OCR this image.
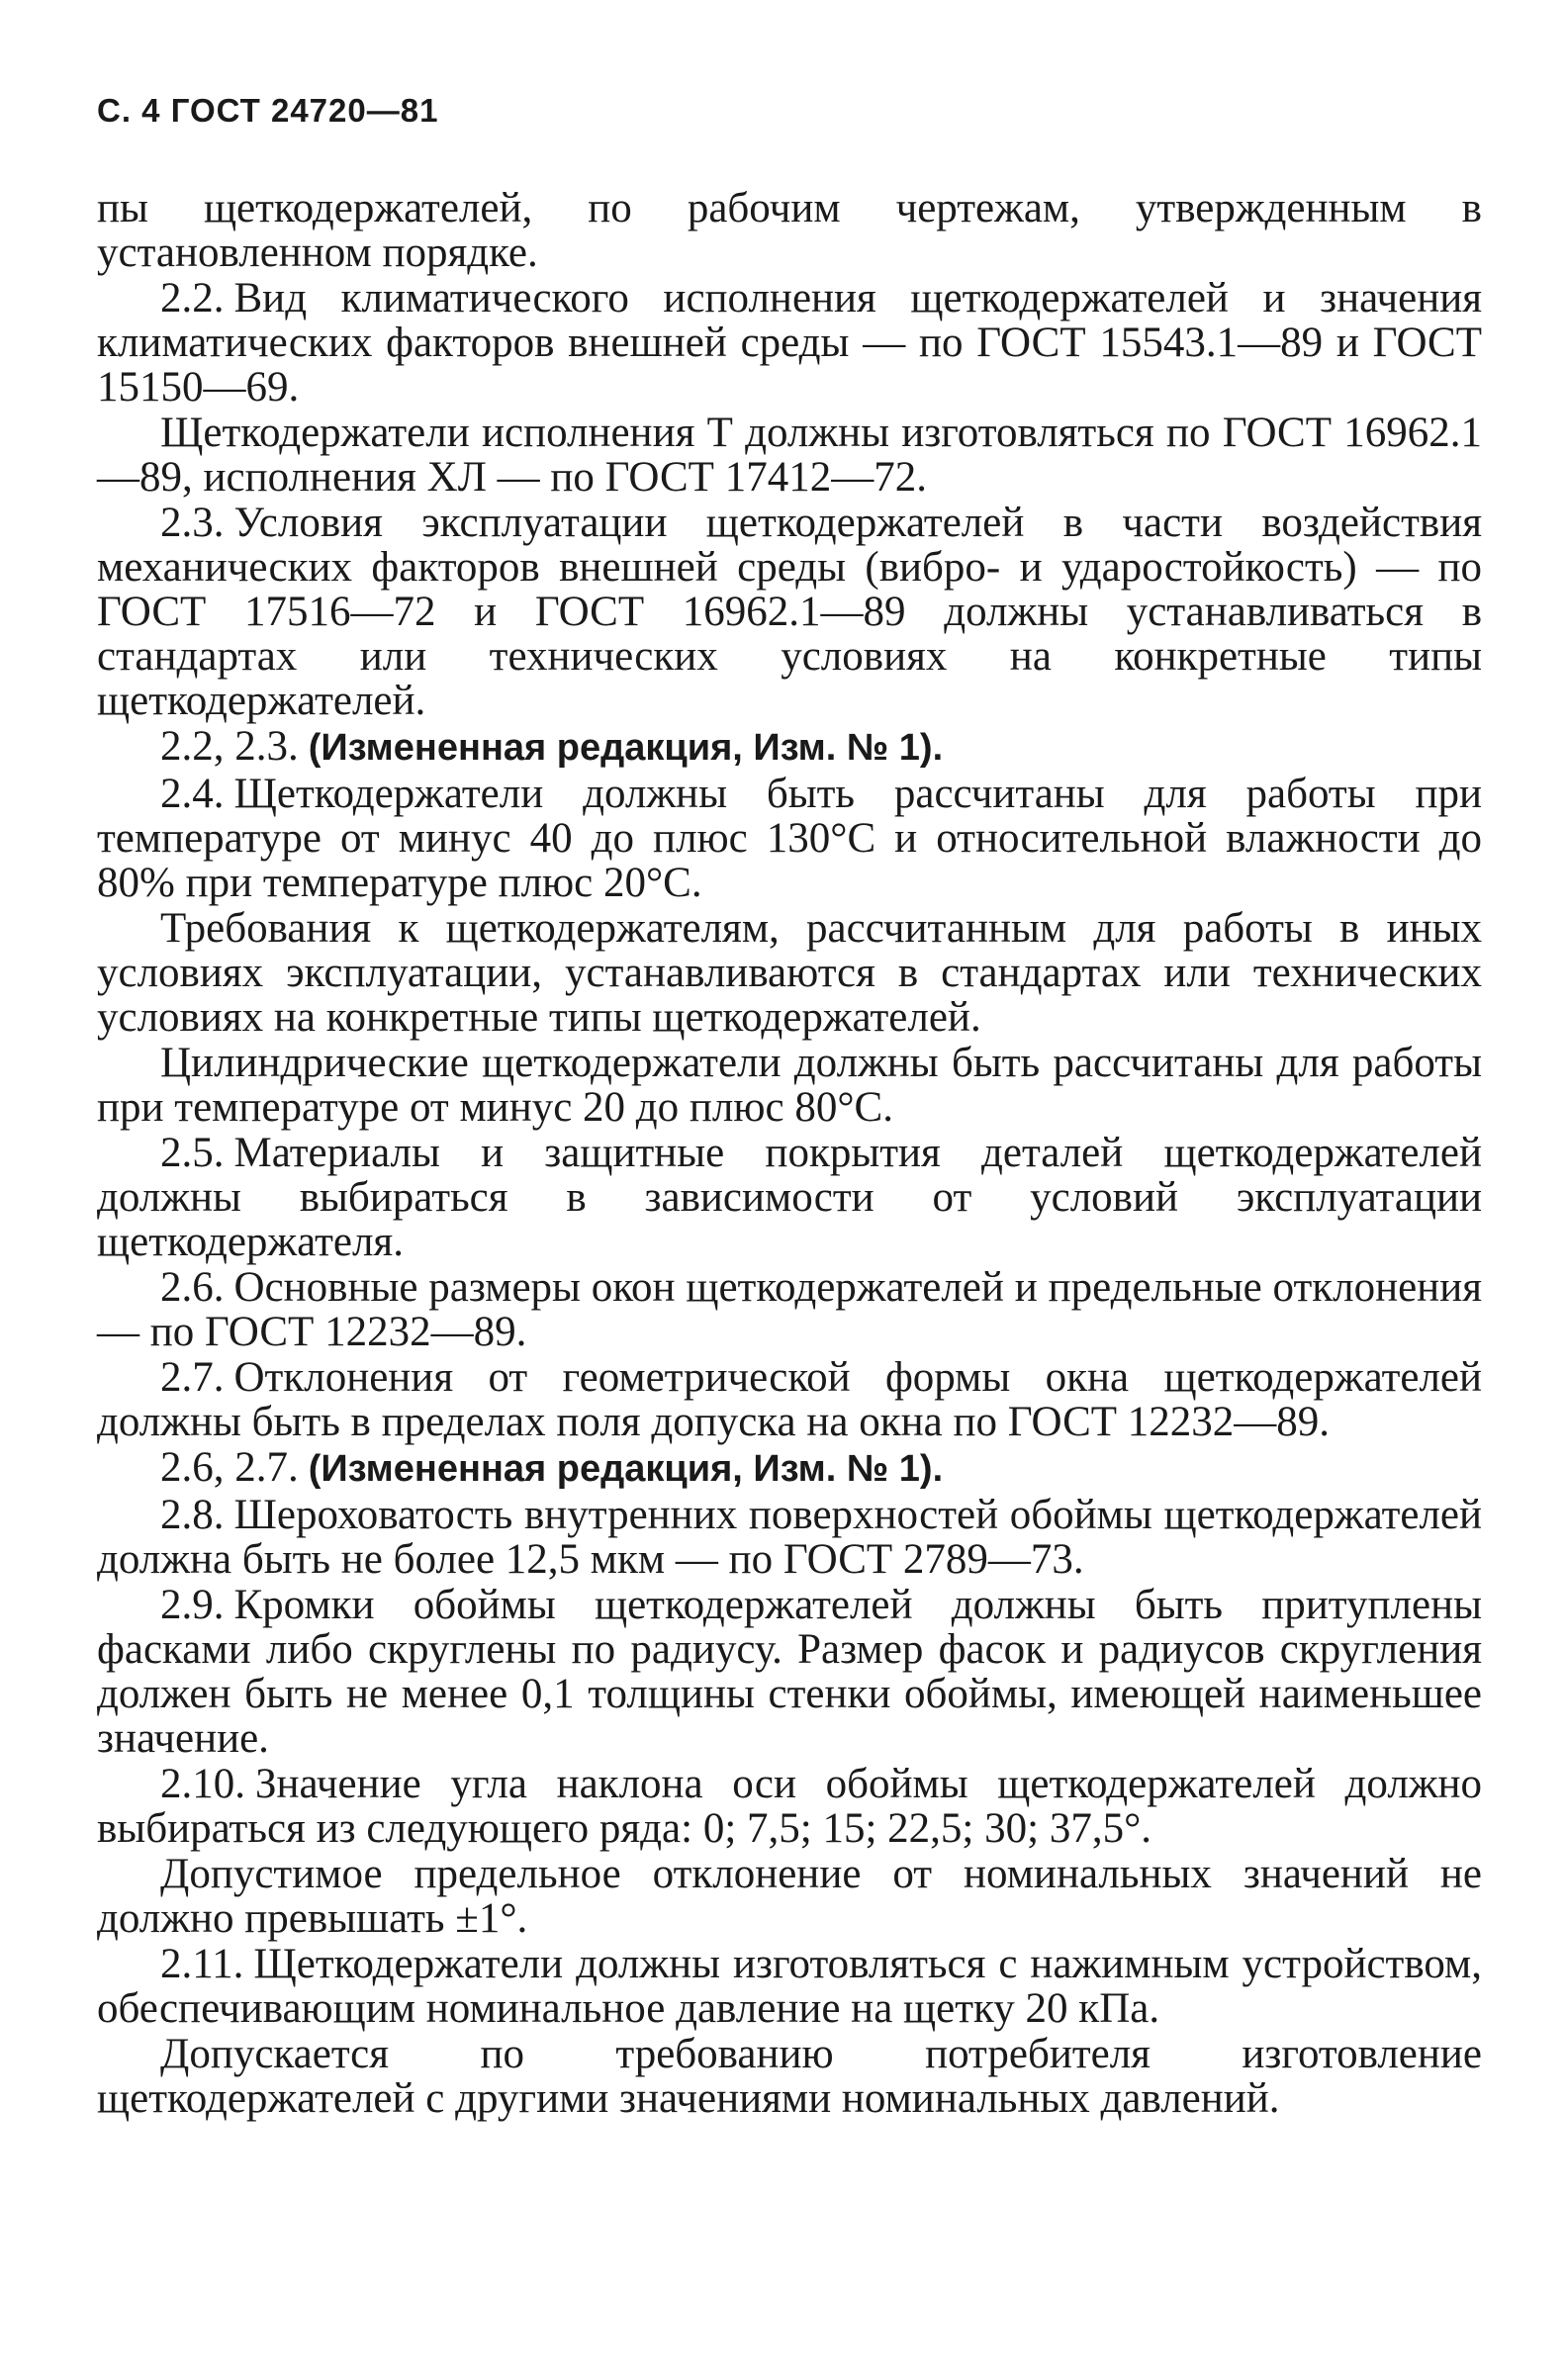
С. 4 ГОСТ 24720—81

пы щеткодержателей, по рабочим чертежам, утвержденным в установленном порядке.

2.2. Вид климатического исполнения щеткодержателей и значения климатических факторов внешней среды — по ГОСТ 15543.1—89 и ГОСТ 15150—69.

Щеткодержатели исполнения Т должны изготовляться по ГОСТ 16962.1—89, исполнения ХЛ — по ГОСТ 17412—72.

2.3. Условия эксплуатации щеткодержателей в части воздействия механических факторов внешней среды (вибро- и ударостойкость) — по ГОСТ 17516—72 и ГОСТ 16962.1—89 должны устанавливаться в стандартах или технических условиях на конкретные типы щеткодержателей.

2.2, 2.3. (Измененная редакция, Изм. № 1).

2.4. Щеткодержатели должны быть рассчитаны для работы при температуре от минус 40 до плюс 130°С и относительной влажности до 80% при температуре плюс 20°С.

Требования к щеткодержателям, рассчитанным для работы в иных условиях эксплуатации, устанавливаются в стандартах или технических условиях на конкретные типы щеткодержателей.

Цилиндрические щеткодержатели должны быть рассчитаны для работы при температуре от минус 20 до плюс 80°С.

2.5. Материалы и защитные покрытия деталей щеткодержателей должны выбираться в зависимости от условий эксплуатации щеткодержателя.

2.6. Основные размеры окон щеткодержателей и предельные отклонения — по ГОСТ 12232—89.

2.7. Отклонения от геометрической формы окна щеткодержателей должны быть в пределах поля допуска на окна по ГОСТ 12232—89.

2.6, 2.7. (Измененная редакция, Изм. № 1).

2.8. Шероховатость внутренних поверхностей обоймы щеткодержателей должна быть не более 12,5 мкм — по ГОСТ 2789—73.

2.9. Кромки обоймы щеткодержателей должны быть притуплены фасками либо скруглены по радиусу. Размер фасок и радиусов скругления должен быть не менее 0,1 толщины стенки обоймы, имеющей наименьшее значение.

2.10. Значение угла наклона оси обоймы щеткодержателей должно выбираться из следующего ряда: 0; 7,5; 15; 22,5; 30; 37,5°.

Допустимое предельное отклонение от номинальных значений не должно превышать ±1°.

2.11. Щеткодержатели должны изготовляться с нажимным устройством, обеспечивающим номинальное давление на щетку 20 кПа.

Допускается по требованию потребителя изготовление щеткодержателей с другими значениями номинальных давлений.
